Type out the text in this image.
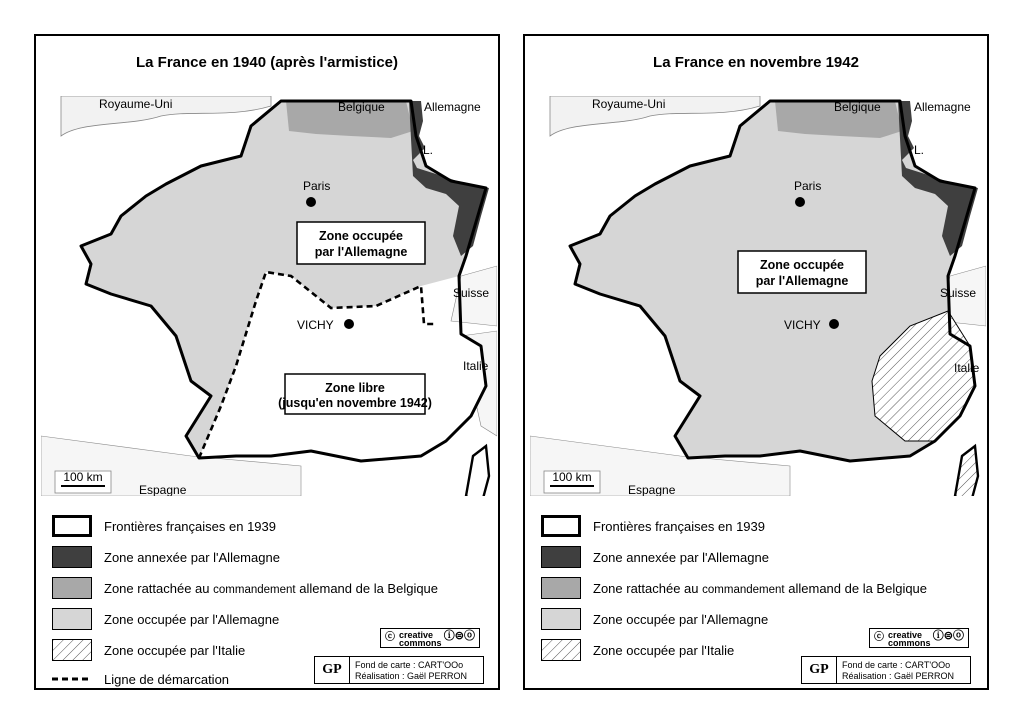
La France en 1940 (après l'armistice)
100 km
Royaume-Uni	Belgique	Allemagne
L.
Paris
Suisse
VICHY
Italie
Espagne
Zone occupée
par l'Allemagne
Zone libre
(jusqu'en novembre 1942)
Frontières françaises en 1939
Zone annexée par l'Allemagne
Zone rattachée au commandement allemand de la Belgique
Zone occupée par l'Allemagne
Zone occupée par l'Italie
Ligne de démarcation
ⓒ creative
commons
ⓘ⊜ⓞ
GP	Fond de carte : CART'OOo
Réalisation : Gaël PERRON
La France en novembre 1942
100 km
Royaume-Uni	Belgique	Allemagne
L.
Paris
Suisse
VICHY
Italie
Espagne
Zone occupée
par l'Allemagne
Frontières françaises en 1939
Zone annexée par l'Allemagne
Zone rattachée au commandement allemand de la Belgique
Zone occupée par l'Allemagne
Zone occupée par l'Italie
ⓒ creative
commons
ⓘ⊜ⓞ
GP	Fond de carte : CART'OOo
Réalisation : Gaël PERRON
